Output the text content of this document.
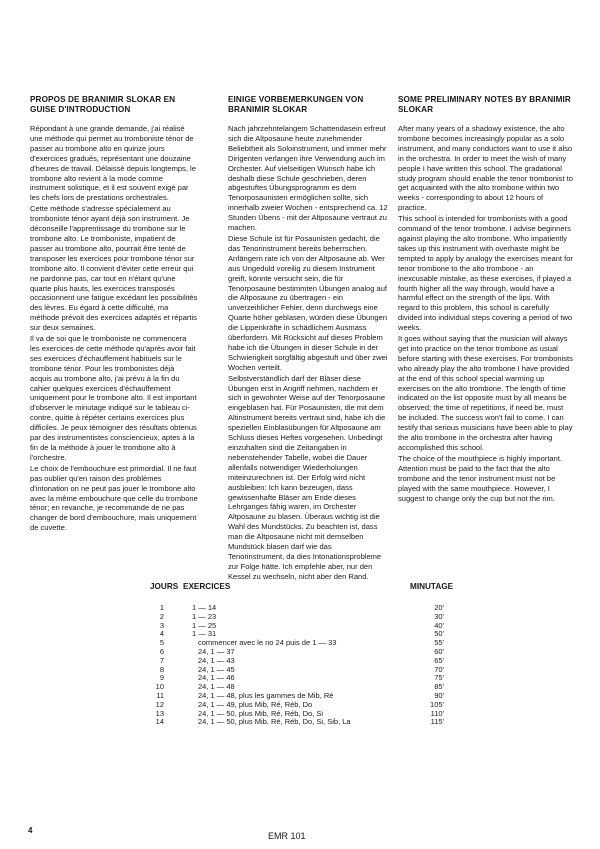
PROPOS DE BRANIMIR SLOKAR EN GUISE D'INTRODUCTION

Répondant à une grande demande, j'ai réalisé une méthode qui permet au tromboniste ténor de passer au trombone alto en quinze jours d'exercices gradués, représentant une douzaine d'heures de travail. Délaissé depuis longtemps, le trombone alto revient à la mode comme instrument solistique, et il est souvent exigé par les chefs lors de prestations orchestrales.

Cette méthode s'adresse spécialement au tromboniste ténor ayant déjà son instrument. Je déconseille l'apprentissage du trombone sur le trombone alto. Le tromboniste, impatient de passer au trombone alto, pourrait être tenté de transposer les exercices pour trombone ténor sur trombone alto. Il convient d'éviter cette erreur qui ne pardonne pas, car tout en n'étant qu'une quarte plus hauts, les exercices transposés occasionnent une fatigue excédant les possibilités des lèvres. Eu égard à cette difficulté, ma méthode prévoit des exercices adaptés et répartis sur deux semaines.

Il va de soi que le tromboniste ne commencera les exercices de cette méthode qu'après avoir fait ses exercices d'échauffement habituels sur le trombone ténor. Pour les trombonistes déjà acquis au trombone alto, j'ai prévu à la fin du cahier quelques exercices d'échauffement uniquement pour le trombone alto. Il est important d'observer le minutage indiqué sur le tableau ci-contre, quitte à répéter certains exercices plus difficiles. Je peux témoigner des résultats obtenus par des instrumentistes consciencieux, aptes à la fin de la méthode à jouer le trombone alto à l'orchestre.

Le choix de l'embouchure est primordial. Il ne faut pas oublier qu'en raison des problèmes d'intonation on ne peut pas jouer le trombone alto avec la même embouchure que celle du trombone ténor; en revanche, je recommande de ne pas changer de bord d'embouchure, mais uniquement de cuvette.

EINIGE VORBEMERKUNGEN VON BRANIMIR SLOKAR

Nach jahrzehntelangem Schattendasein erfreut sich die Altposaune heute zunehmender Beliebtheit als Soloinstrument, und immer mehr Dirigenten verlangen ihre Verwendung auch im Orchester. Auf vielseitigen Wunsch habe ich deshalb diese Schule geschrieben, deren abgestuftes Übungsprogramm es dem Tenorposaunisten ermöglichen sollte, sich innerhalb zweier Wochen - entsprechend ca. 12 Stunden Übens - mit der Altposaune vertraut zu machen.

Diese Schule ist für Posaunisten gedacht, die das Tenorinstrument bereits beherrschen. Anfängern rate ich von der Altposaune ab. Wer aus Ungeduld voreilig zu diesem Instrument greift, könnte versucht sein, die für Tenorposaune bestimmten Übungen analog auf die Altposaune zu übertragen - ein unverzeihlicher Fehler, denn durchwegs eine Quarte höher geblasen, würden diese Übungen die Lippenkräfte in schädlichem Ausmass überfordern. Mit Rücksicht auf dieses Problem habe ich die Übungen in dieser Schule in der Schwierigkeit sorgfältig abgestuft und über zwei Wochen verteilt.

Selbstverständlich darf der Bläser diese Übungen erst in Angriff nehmen, nachdem er sich in gewohnter Weise auf der Tenorposaune eingeblasen hat. Für Posaunisten, die mit dem Altinstrument bereits vertraut sind, habe ich die speziellen Einblasübungen für Altposaune am Schluss dieses Heftes vorgesehen. Unbedingt einzuhalten sind die Zeitangaben in nebenstehender Tabelle, wobei die Dauer allenfalls notwendiger Wiederholungen miteinzurechnen ist. Der Erfolg wird nicht ausbleiben: Ich kann bezeugen, dass gewissenhafte Bläser am Ende dieses Lehrganges fähig waren, im Orchester Altposaune zu blasen. Überaus wichtig ist die Wahl des Mundstücks. Zu beachten ist, dass man die Altposaune nicht mit demselben Mundstück blasen darf wie das Tenorinstrument, da dies Intonationsprobleme zur Folge hätte. Ich empfehle aber, nur den Kessel zu wechseln, nicht aber den Rand.

SOME PRELIMINARY NOTES BY BRANIMIR SLOKAR

After many years of a shadowy existence, the alto trombone becomes increasingly popular as a solo instrument, and many conductors want to use it also in the orchestra. In order to meet the wish of many people I have written this school. The gradational study program should enable the tenor trombonist to get acquainted with the alto trombone within two weeks - corresponding to about 12 hours of practice.

This school is intended for trombonists with a good command of the tenor trombone. I advise beginners against playing the alto trombone. Who impatiently takes up this instrument with overhaste might be tempted to apply by analogy the exercises meant for tenor trombone to the alto trombone - an inexcusable mistake, as these exercises, if played a fourth higher all the way through, would have a harmful effect on the strength of the lips. With regard to this problem, this school is carefully divided into individual steps covering a period of two weeks.

It goes without saying that the musician will always get into practice on the tenor trombone as usual before starting with these exercises. For trombonists who already play the alto trombone I have provided at the end of this school special warming up exercises on the alto trombone. The length of time indicated on the list opposite must by all means be observed; the time of repetitions, if need be, must be included. The success won't fail to come. I can testify that serious musicians have been able to play the alto trombone in the orchestra after having accomplished this school.

The choice of the mouthpiece is highly important. Attention must be paid to the fact that the alto trombone and the tenor instrument must not be played with the same mouthpiece. However, I suggest to change only the cup but not the rim.

JOURS EXERCICES	MINUTAGE
1	1 — 14	20'
2	1 — 23	30'
3	1 — 25	40'
4	1 — 31	50'
5	commencer avec le no 24 puis de 1 — 33	55'
6	24, 1 — 37	60'
7	24, 1 — 43	65'
8	24, 1 — 45	70'
9	24, 1 — 46	75'
10	24, 1 — 48	85'
11	24, 1 — 48, plus les gammes de Mib, Ré	90'
12	24, 1 — 49, plus Mib, Ré, Réb, Do	105'
13	24, 1 — 50, plus Mib, Ré, Réb, Do, Si	110'
14	24, 1 — 50, plus Mib, Ré, Réb, Do, Si, Sib, La	115'
4
EMR 101
